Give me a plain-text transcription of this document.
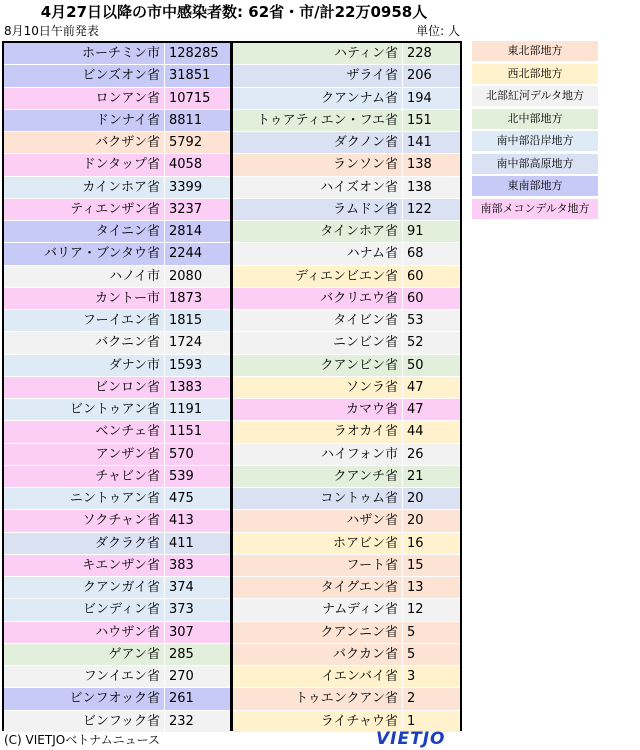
4月27日以降の市中感染者数: 62省・市/計22万0958人
8月10日午前発表	単位: 人
ホーチミン市 128285
ビンズオン省 31851
ロンアン省 10715
ドンナイ省 8811
バクザン省 5792
ドンタップ省 4058
カインホア省 3399
ティエンザン省 3237
タイニン省 2814
バリア・ブンタウ省 2244
ハノイ市 2080
カントー市 1873
フーイエン省 1815
バクニン省 1724
ダナン市 1593
ビンロン省 1383
ビントゥアン省 1191
ベンチェ省 1151
アンザン省 570
チャビン省 539
ニントゥアン省 475
ソクチャン省 413
ダクラク省 411
キエンザン省 383
クアンガイ省 374
ビンディン省 373
ハウザン省 307
ゲアン省 285
フンイエン省 270
ビンフオック省 261
ビンフック省 232
ハティン省 228
ザライ省 206
クアンナム省 194
トゥアティエン・フエ省 151
ダクノン省 141
ランソン省 138
ハイズオン省 138
ラムドン省 122
タインホア省 91
ハナム省 68
ディエンビエン省 60
バクリエウ省 60
タイビン省 53
ニンビン省 52
クアンビン省 50
ソンラ省 47
カマウ省 47
ラオカイ省 44
ハイフォン市 26
クアンチ省 21
コントゥム省 20
ハザン省 20
ホアビン省 16
フート省 15
タイグエン省 13
ナムディン省 12
クアンニン省 5
バクカン省 5
イエンバイ省 3
トゥエンクアン省 2
ライチャウ省 1
東北部地方
西北部地方
北部紅河デルタ地方
北中部地方
南中部沿岸地方
南中部高原地方
東南部地方
南部メコンデルタ地方
(C) VIETJOベトナムニュース	VIETJO
